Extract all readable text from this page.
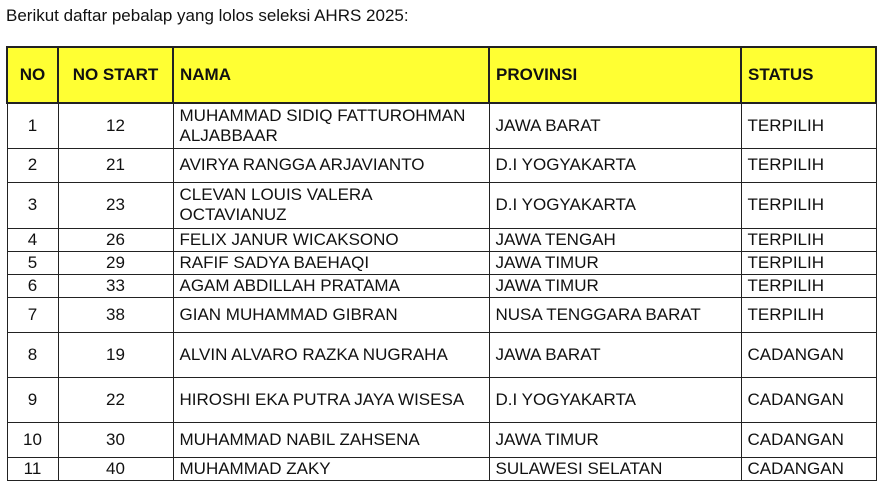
Berikut daftar pebalap yang lolos seleksi AHRS 2025:
NO	NO START	NAMA	PROVINSI	STATUS
1	12	MUHAMMAD SIDIQ FATTUROHMAN ALJABBAAR	JAWA BARAT	TERPILIH
2	21	AVIRYA RANGGA ARJAVIANTO	D.I YOGYAKARTA	TERPILIH
3	23	CLEVAN LOUIS VALERA OCTAVIANUZ	D.I YOGYAKARTA	TERPILIH
4	26	FELIX JANUR WICAKSONO	JAWA TENGAH	TERPILIH
5	29	RAFIF SADYA BAEHAQI	JAWA TIMUR	TERPILIH
6	33	AGAM ABDILLAH PRATAMA	JAWA TIMUR	TERPILIH
7	38	GIAN MUHAMMAD GIBRAN	NUSA TENGGARA BARAT	TERPILIH
8	19	ALVIN ALVARO RAZKA NUGRAHA	JAWA BARAT	CADANGAN
9	22	HIROSHI EKA PUTRA JAYA WISESA	D.I YOGYAKARTA	CADANGAN
10	30	MUHAMMAD NABIL ZAHSENA	JAWA TIMUR	CADANGAN
11	40	MUHAMMAD ZAKY	SULAWESI SELATAN	CADANGAN
